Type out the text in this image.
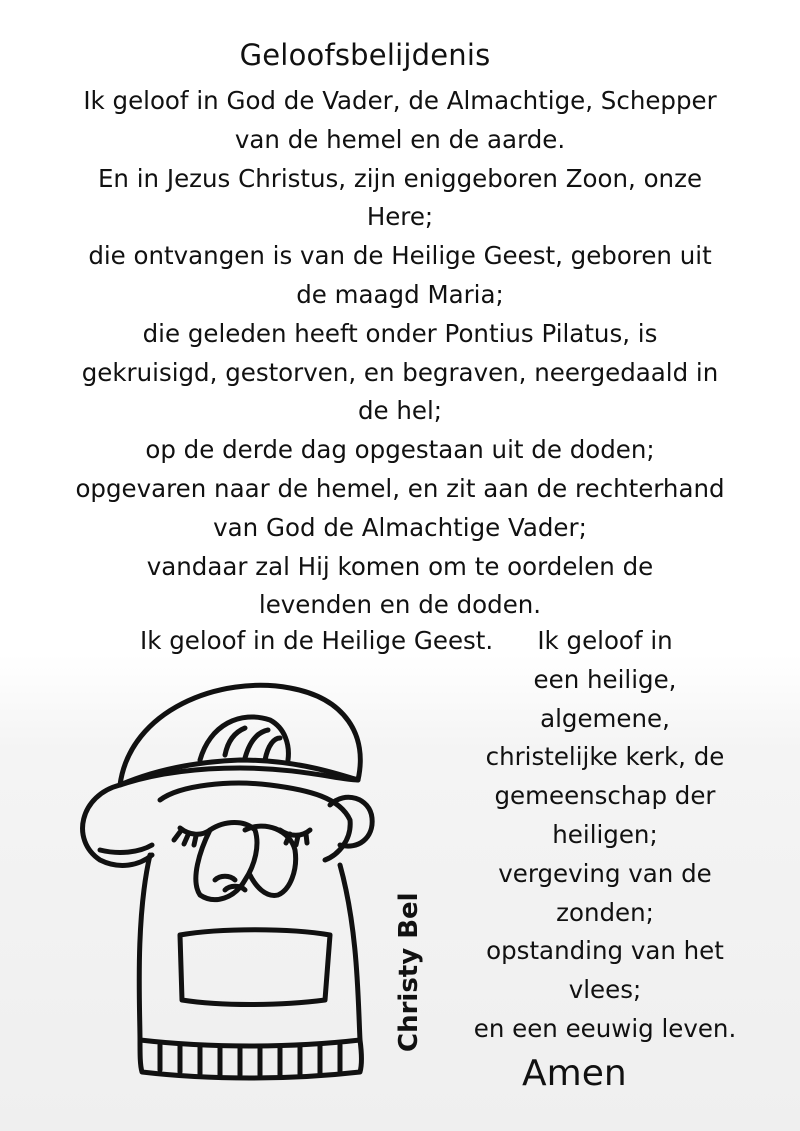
Geloofsbelijdenis
Ik geloof in God de Vader, de Almachtige, Schepper
van de hemel en de aarde.
En in Jezus Christus, zijn eniggeboren Zoon, onze
Here;
die ontvangen is van de Heilige Geest, geboren uit
de maagd Maria;
die geleden heeft onder Pontius Pilatus, is
gekruisigd, gestorven, en begraven, neergedaald in
de hel;
op de derde dag opgestaan uit de doden;
opgevaren naar de hemel, en zit aan de rechterhand
van God de Almachtige Vader;
vandaar zal Hij komen om te oordelen de
levenden en de doden.
Ik geloof in de Heilige Geest.	Ik geloof in
een heilige,
algemene,
christelijke kerk, de
gemeenschap der
heiligen;
vergeving van de
zonden;
opstanding van het
vlees;
en een eeuwig leven.
Amen
Christy Bel
